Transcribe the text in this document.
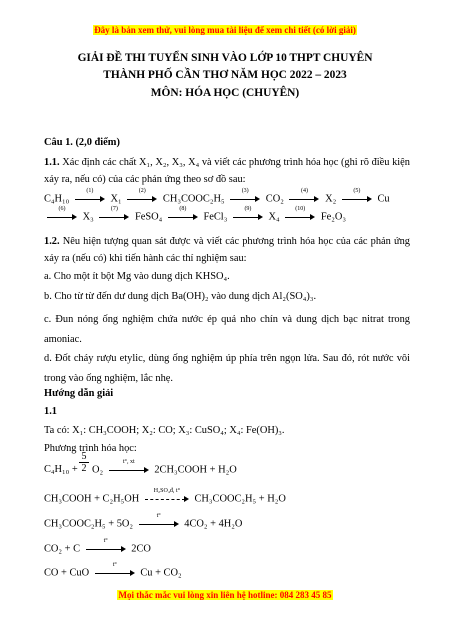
Đây là bản xem thử, vui lòng mua tài liệu để xem chi tiết (có lời giải)
GIẢI ĐỀ THI TUYỂN SINH VÀO LỚP 10 THPT CHUYÊN
THÀNH PHỐ CẦN THƠ NĂM HỌC 2022 – 2023
MÔN: HÓA HỌC (CHUYÊN)
Câu 1. (2,0 điểm)
1.1. Xác định các chất X₁, X₂, X₃, X₄ và viết các phương trình hóa học (ghi rõ điều kiện xảy ra, nếu có) của các phản ứng theo sơ đồ sau:
C₄H₁₀
(1)
X₁
(2)
CH₃COOC₂H₅
(3)
CO₂
(4)
X₂
(5)
Cu
(6)
X₃
(7)
FeSO₄
(8)
FeCl₃
(9)
X₄
(10)
Fe₂O₃
1.2. Nêu hiện tượng quan sát được và viết các phương trình hóa học của các phản ứng xảy ra (nếu có) khi tiến hành các thí nghiệm sau:
a. Cho một ít bột Mg vào dung dịch KHSO₄.
b. Cho từ từ đến dư dung dịch Ba(OH)₂ vào dung dịch Al₂(SO₄)₃.
c. Đun nóng ống nghiệm chứa nước ép quả nho chín và dung dịch bạc nitrat trong amoniac.
d. Đốt cháy rượu etylic, dùng ống nghiệm úp phía trên ngọn lửa. Sau đó, rót nước vôi trong vào ống nghiệm, lắc nhẹ.
Hướng dẫn giải
1.1
Ta có: X₁: CH₃COOH; X₂: CO; X₃: CuSO₄; X₄: Fe(OH)₃.
Phương trình hóa học:
$C_4H_{10} + \frac{5}{2} O_2$
t°, xt
2CH₃COOH + H₂O
CH₃COOH + C₂H₅OH
H₂SO₄đ, t°
CH₃COOC₂H₅ + H₂O
CH₃COOC₂H₅ + 5O₂
t°
4CO₂ + 4H₂O
CO₂ + C
t°
2CO
CO + CuO
t°
Cu + CO₂
Mọi thắc mắc vui lòng xin liên hệ hotline: 084 283 45 85
